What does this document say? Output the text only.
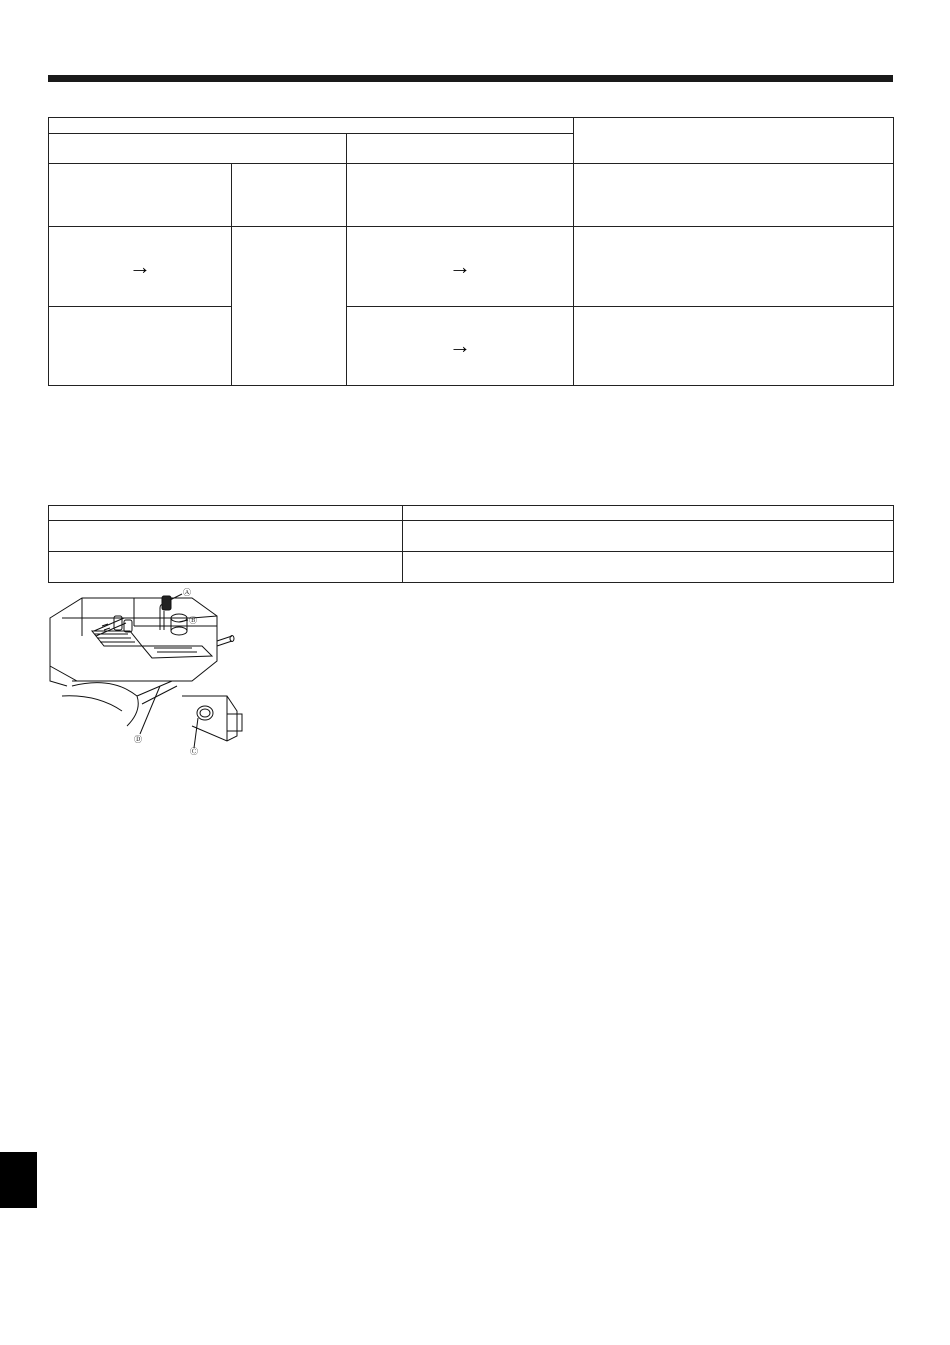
→		→	
		→	

Ⓐ
Ⓑ
Ⓒ
Ⓓ
